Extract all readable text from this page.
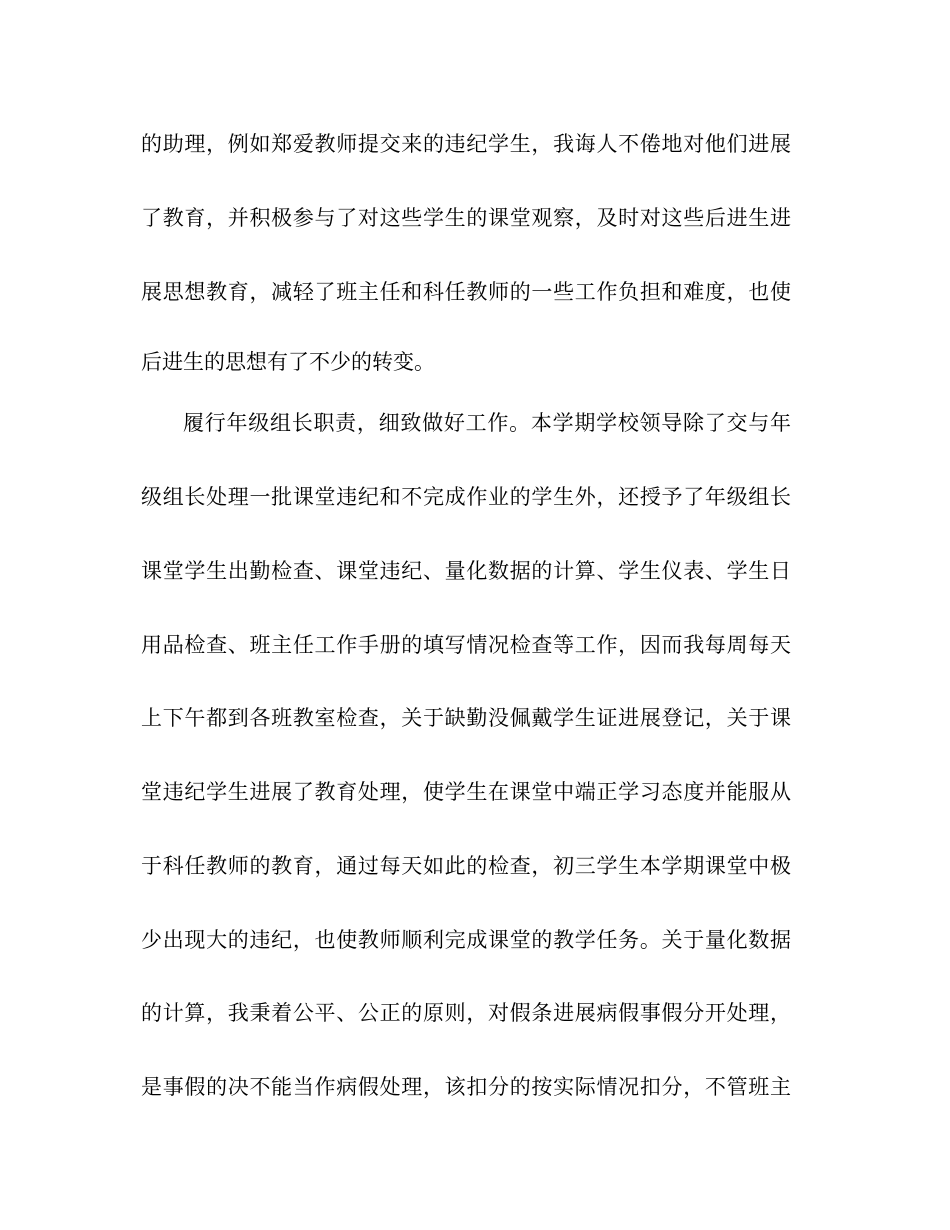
的助理，例如郑爱教师提交来的违纪学生，我诲人不倦地对他们进展
了教育，并积极参与了对这些学生的课堂观察，及时对这些后进生进
展思想教育，减轻了班主任和科任教师的一些工作负担和难度，也使
后进生的思想有了不少的转变。
履行年级组长职责，细致做好工作。本学期学校领导除了交与年
级组长处理一批课堂违纪和不完成作业的学生外，还授予了年级组长
课堂学生出勤检查、课堂违纪、量化数据的计算、学生仪表、学生日
用品检查、班主任工作手册的填写情况检查等工作，因而我每周每天
上下午都到各班教室检查，关于缺勤没佩戴学生证进展登记，关于课
堂违纪学生进展了教育处理，使学生在课堂中端正学习态度并能服从
于科任教师的教育，通过每天如此的检查，初三学生本学期课堂中极
少出现大的违纪，也使教师顺利完成课堂的教学任务。关于量化数据
的计算，我秉着公平、公正的原则，对假条进展病假事假分开处理，
是事假的决不能当作病假处理，该扣分的按实际情况扣分，不管班主
